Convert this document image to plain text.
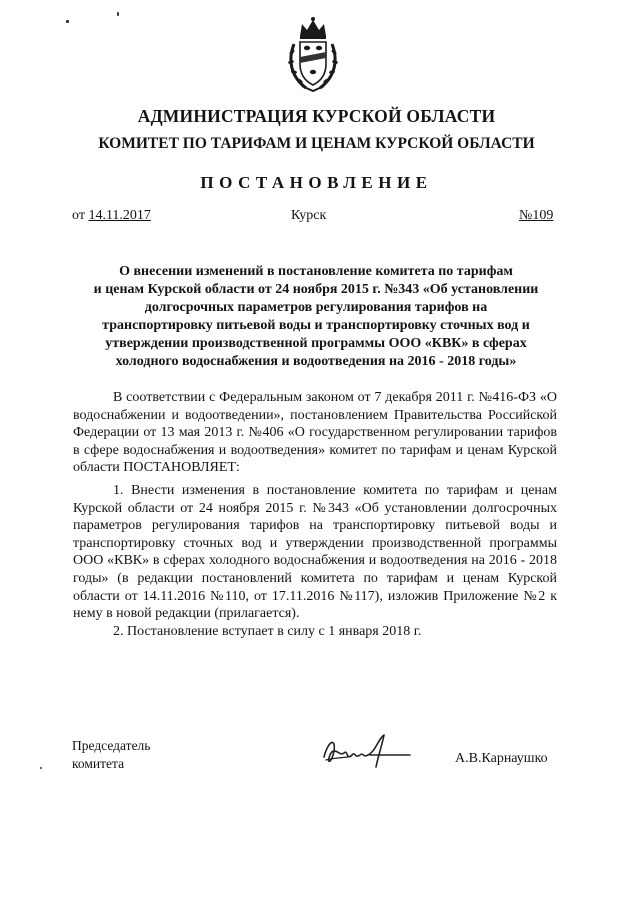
АДМИНИСТРАЦИЯ КУРСКОЙ ОБЛАСТИ
КОМИТЕТ ПО ТАРИФАМ И ЦЕНАМ КУРСКОЙ ОБЛАСТИ
ПОСТАНОВЛЕНИЕ
от 14.11.2017	Курск	№109
О внесении изменений в постановление комитета по тарифам
и ценам Курской области от 24 ноября 2015 г. №343 «Об установлении
долгосрочных параметров регулирования тарифов на
транспортировку питьевой воды и транспортировку сточных вод и
утверждении производственной программы ООО «КВК» в сферах
холодного водоснабжения и водоотведения на 2016 - 2018 годы»

В соответствии с Федеральным законом от 7 декабря 2011 г. №416-ФЗ «О водоснабжении и водоотведении», постановлением Правительства Российской Федерации от 13 мая 2013 г. №406 «О государственном регулировании тарифов в сфере водоснабжения и водоотведения» комитет по тарифам и ценам Курской области ПОСТАНОВЛЯЕТ:

1. Внести изменения в постановление комитета по тарифам и ценам Курской области от 24 ноября 2015 г. №343 «Об установлении долгосрочных параметров регулирования тарифов на транспортировку питьевой воды и транспортировку сточных вод и утверждении производственной программы ООО «КВК» в сферах холодного водоснабжения и водоотведения на 2016 - 2018 годы» (в редакции постановлений комитета по тарифам и ценам Курской области от 14.11.2016 №110, от 17.11.2016 №117), изложив Приложение №2 к нему в новой редакции (прилагается).

2. Постановление вступает в силу с 1 января 2018 г.

Председатель
комитета	А.В.Карнаушко
